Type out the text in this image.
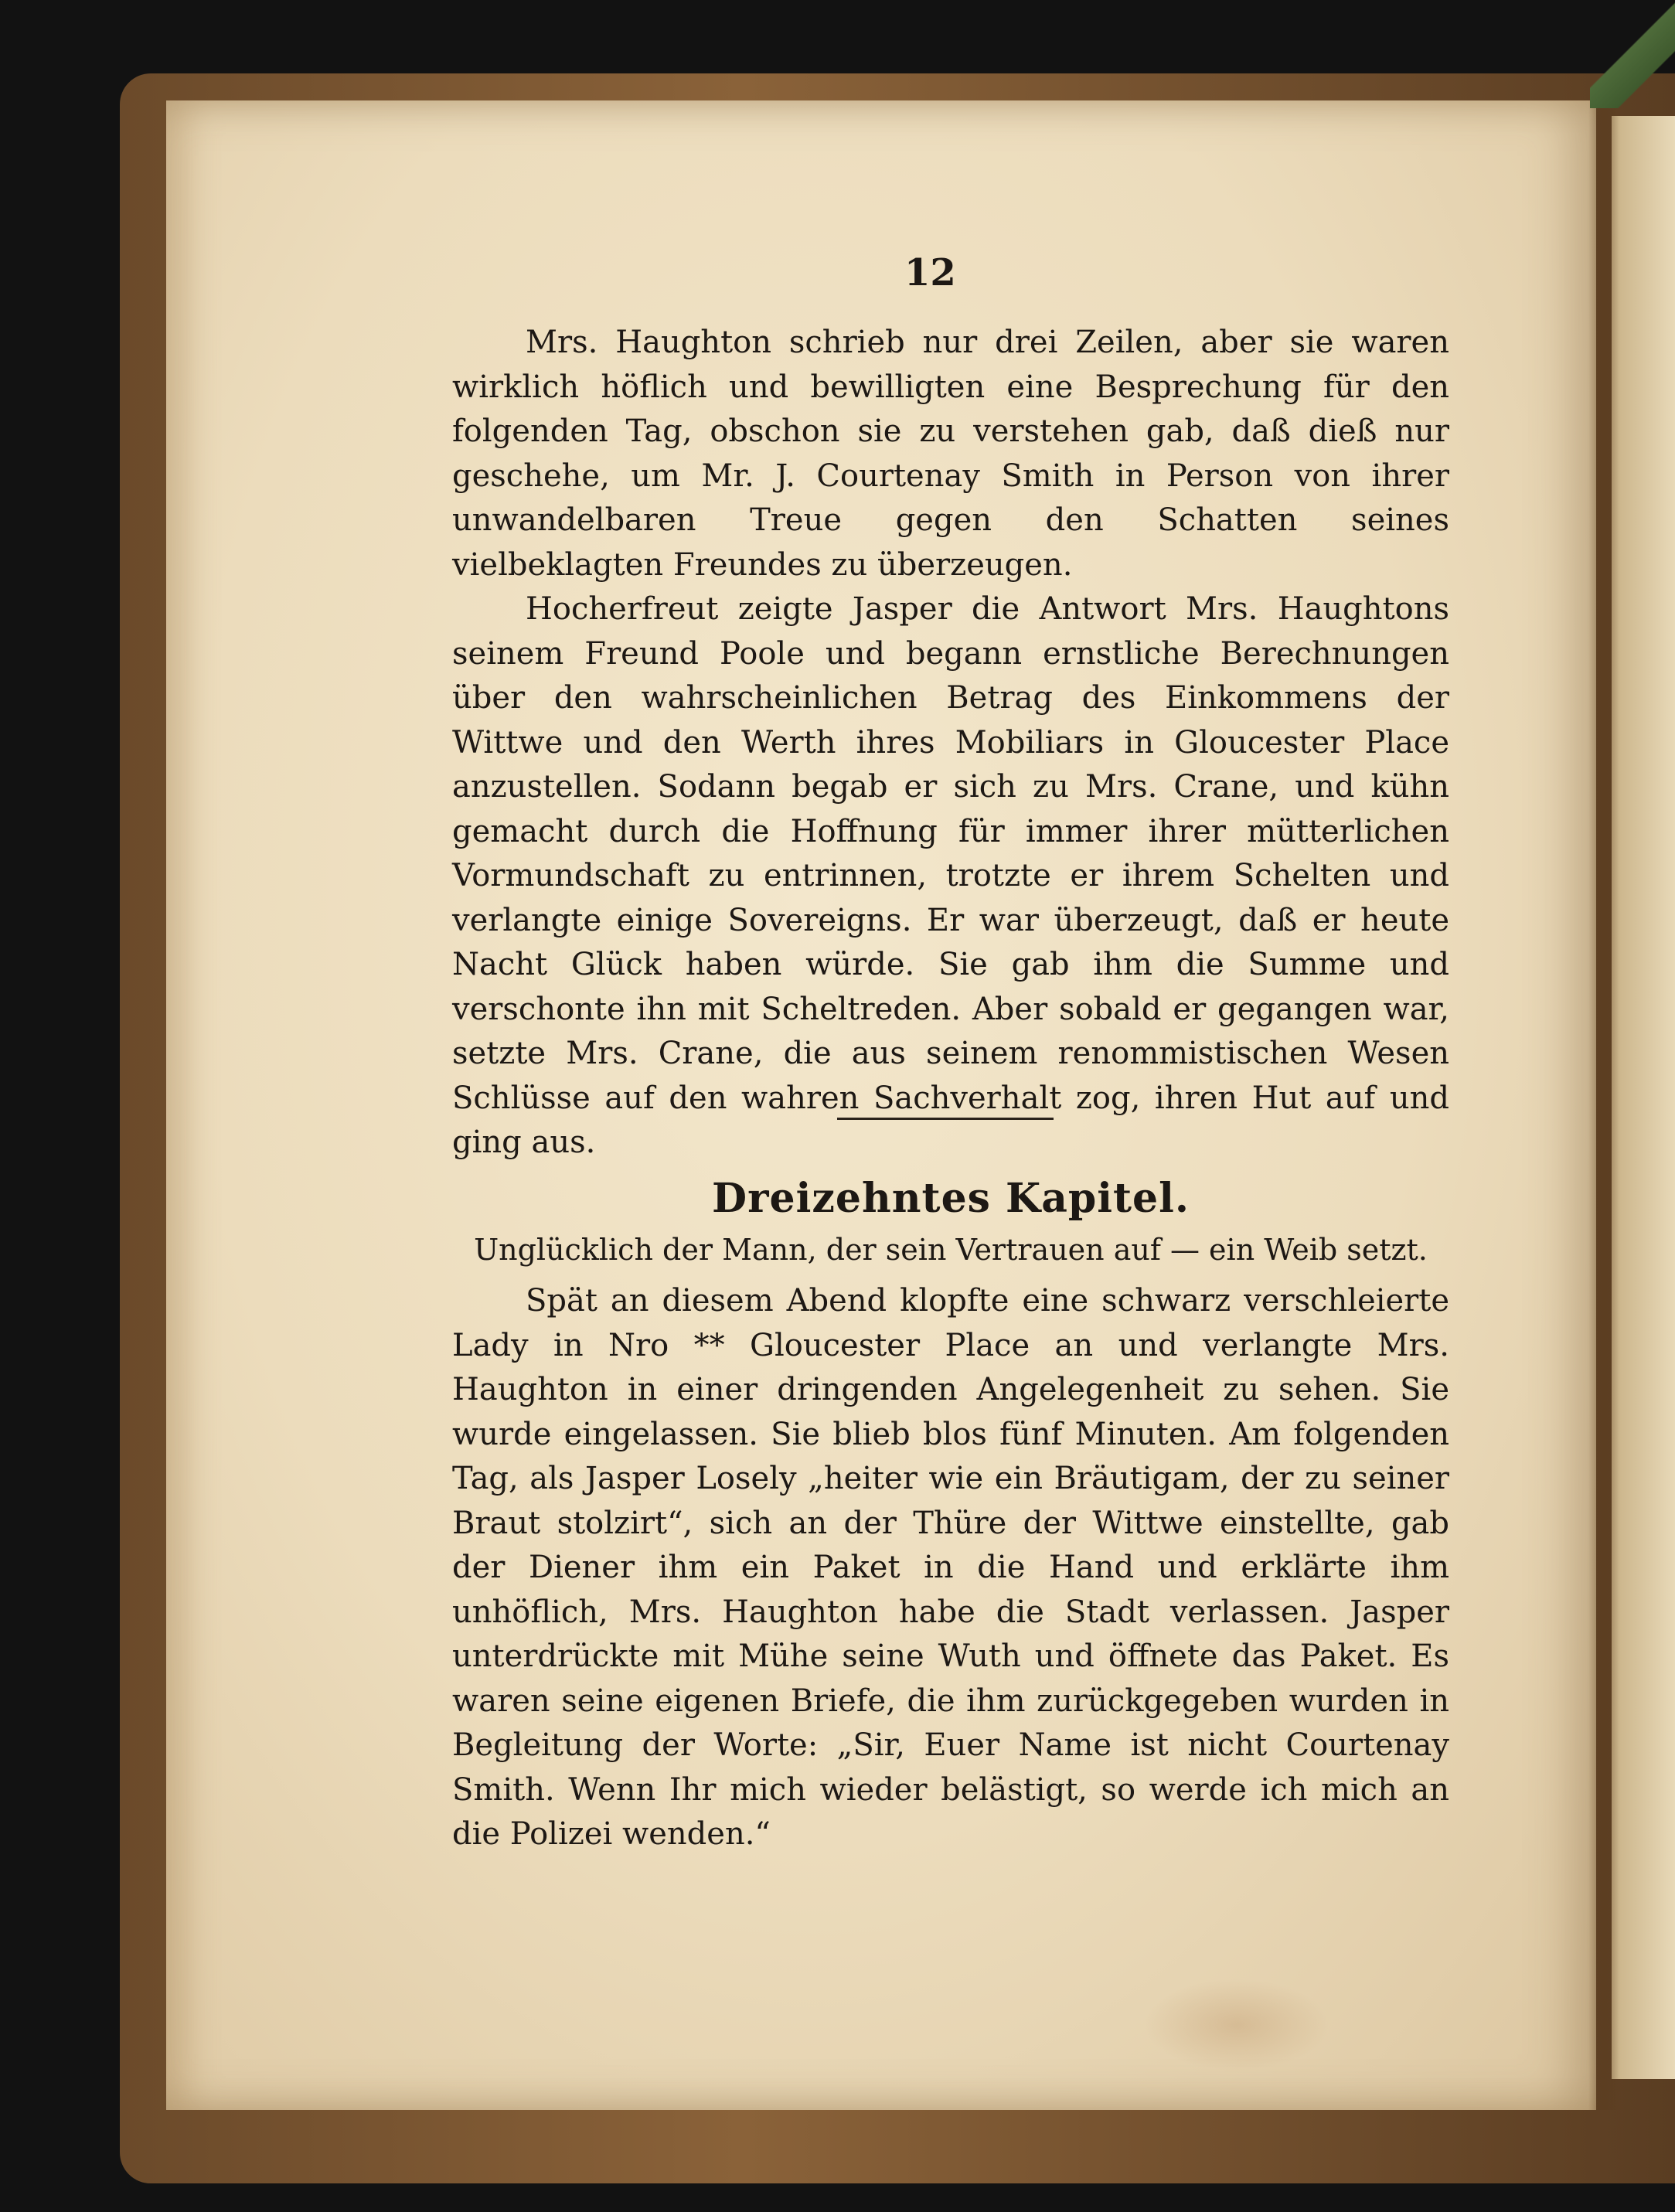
12

Mrs. Haughton schrieb nur drei Zeilen, aber sie waren wirklich höflich und bewilligten eine Besprechung für den folgenden Tag, obschon sie zu verstehen gab, daß dieß nur geschehe, um Mr. J. Courtenay Smith in Person von ihrer unwandelbaren Treue gegen den Schatten seines vielbeklagten Freundes zu überzeugen.

Hocherfreut zeigte Jasper die Antwort Mrs. Haughtons seinem Freund Poole und begann ernstliche Berechnungen über den wahrscheinlichen Betrag des Einkommens der Wittwe und den Werth ihres Mobiliars in Gloucester Place anzustellen. Sodann begab er sich zu Mrs. Crane, und kühn gemacht durch die Hoffnung für immer ihrer mütterlichen Vormundschaft zu entrinnen, trotzte er ihrem Schelten und verlangte einige Sovereigns. Er war überzeugt, daß er heute Nacht Glück haben würde. Sie gab ihm die Summe und verschonte ihn mit Scheltreden. Aber sobald er gegangen war, setzte Mrs. Crane, die aus seinem renommistischen Wesen Schlüsse auf den wahren Sachverhalt zog, ihren Hut auf und ging aus.

Dreizehntes Kapitel.
Unglücklich der Mann, der sein Vertrauen auf — ein Weib setzt.

Spät an diesem Abend klopfte eine schwarz verschleierte Lady in Nro ** Gloucester Place an und verlangte Mrs. Haughton in einer dringenden Angelegenheit zu sehen. Sie wurde eingelassen. Sie blieb blos fünf Minuten. Am folgenden Tag, als Jasper Losely „heiter wie ein Bräutigam, der zu seiner Braut stolzirt“, sich an der Thüre der Wittwe einstellte, gab der Diener ihm ein Paket in die Hand und erklärte ihm unhöflich, Mrs. Haughton habe die Stadt verlassen. Jasper unterdrückte mit Mühe seine Wuth und öffnete das Paket. Es waren seine eigenen Briefe, die ihm zurückgegeben wurden in Begleitung der Worte: „Sir, Euer Name ist nicht Courtenay Smith. Wenn Ihr mich wieder belästigt, so werde ich mich an die Polizei wenden.“
